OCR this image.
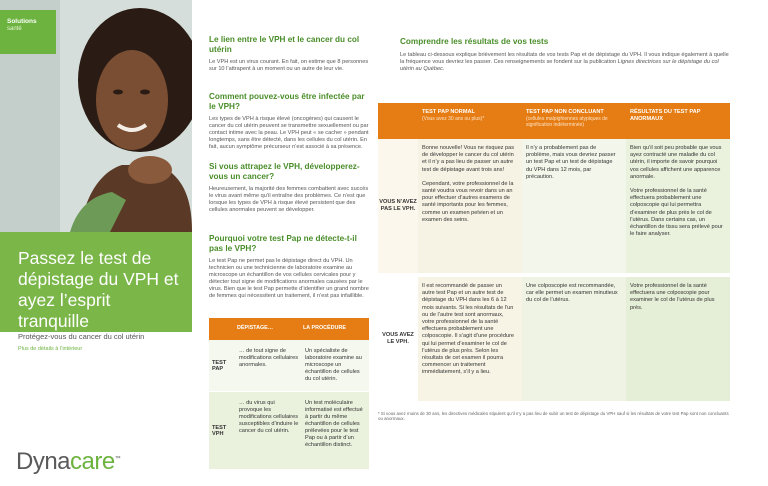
Solutions
santé
Passez le test de dépistage du VPH et ayez l’esprit tranquille
Protégez-vous du cancer du col utérin
Plus de détails à l’intérieur
Dynacare™
Le lien entre le VPH et le cancer du col utérin
Le VPH est un virus courant. En fait, on estime que 8 personnes sur 10 l’attrapent à un moment ou un autre de leur vie.
Comment pouvez-vous être infectée par le VPH?
Les types de VPH à risque élevé (oncogènes) qui causent le cancer du col utérin peuvent se transmettre sexuellement ou par contact intime avec la peau. Le VPH peut « se cacher » pendant longtemps, sans être détecté, dans les cellules du col utérin. En fait, aucun symptôme précurseur n’est associé à sa présence.
Si vous attrapez le VPH, développerez-vous un cancer?
Heureusement, la majorité des femmes combattent avec succès le virus avant même qu’il entraîne des problèmes. Ce n’est que lorsque les types de VPH à risque élevé persistent que des cellules anormales peuvent se développer.
Pourquoi votre test Pap ne détecte-t-il pas le VPH?
Le test Pap ne permet pas le dépistage direct du VPH. Un technicien ou une technicienne de laboratoire examine au microscope un échantillon de vos cellules cervicales pour y détecter tout signe de modifications anormales causées par le virus. Bien que le test Pap permette d’identifier un grand nombre de femmes qui nécessitent un traitement, il n’est pas infaillible.
DÉPISTAGE…	LA PROCÉDURE
TEST PAP
… de tout signe de modifications cellulaires anormales.
Un spécialiste de laboratoire examine au microscope un échantillon de cellules du col utérin.
TEST VPH
… du virus qui provoque les modifications cellulaires susceptibles d’induire le cancer du col utérin.
Un test moléculaire informatisé est effectué à partir du même échantillon de cellules prélevées pour le test Pap ou à partir d’un échantillon distinct.
Comprendre les résultats de vos tests
Le tableau ci-dessous explique brièvement les résultats de vos tests Pap et de dépistage du VPH. Il vous indique également à quelle la fréquence vous devriez les passer. Ces renseignements se fondent sur la publication Lignes directrices sur le dépistage du col utérin au Québec.
TEST PAP NORMAL
(Vous avez 30 ans ou plus)*
TEST PAP NON CONCLUANT
(cellules malpighiennes atypiques de signification indéterminée)
RÉSULTATS DU TEST PAP ANORMAUX
VOUS N’AVEZ PAS LE VPH.

Bonne nouvelle! Vous ne risquez pas de développer le cancer du col utérin et il n’y a pas lieu de passer un autre test de dépistage avant trois ans!

Cependant, votre professionnel de la santé voudra vous revoir dans un an pour effectuer d’autres examens de santé importants pour les femmes, comme un examen pelvien et un examen des seins.

Il n’y a probablement pas de problème, mais vous devriez passer un test Pap et un test de dépistage du VPH dans 12 mois, par précaution.

Bien qu’il soit peu probable que vous ayez contracté une maladie du col utérin, il importe de savoir pourquoi vos cellules affichent une apparence anormale.

Votre professionnel de la santé effectuera probablement une colposcopie qui lui permettra d’examiner de plus près le col de l’utérus. Dans certains cas, un échantillon de tissu sera prélevé pour le faire analyser.

VOUS AVEZ LE VPH.

Il est recommandé de passer un autre test Pap et un autre test de dépistage du VPH dans les 6 à 12 mois suivants. Si les résultats de l’un ou de l’autre test sont anormaux, votre professionnel de la santé effectuera probablement une colposcopie. Il s’agit d’une procédure qui lui permet d’examiner le col de l’utérus de plus près. Selon les résultats de cet examen il pourra commencer un traitement immédiatement, s’il y a lieu.

Une colposcopie est recommandée, car elle permet un examen minutieux du col de l’utérus.

Votre professionnel de la santé effectuera une colposcopie pour examiner le col de l’utérus de plus près.

* Si vous avez moins de 30 ans, les directives médicales stipulent qu’il n’y a pas lieu de subir un test de dépistage du VPH sauf si les résultats de votre test Pap sont non concluants ou anormaux.
